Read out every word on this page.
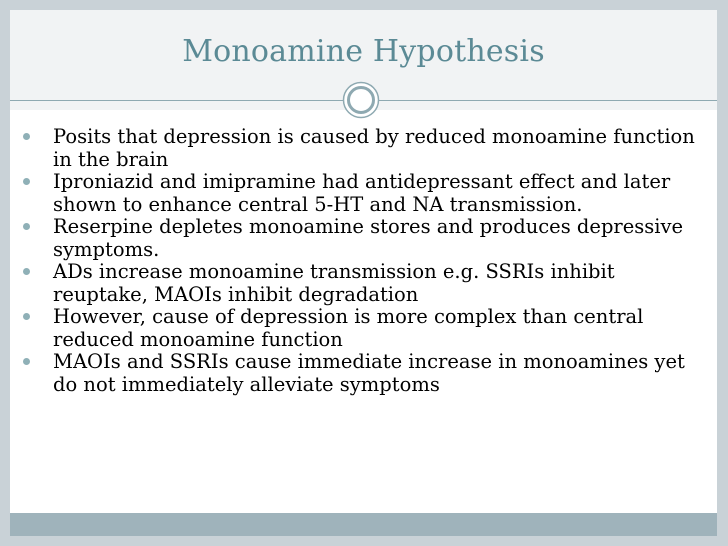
Monoamine Hypothesis
Posits that depression is caused by reduced monoamine function in the brain
Iproniazid and imipramine had antidepressant effect and later shown to enhance central 5-HT and NA transmission.
Reserpine depletes monoamine stores and produces depressive symptoms.
ADs increase monoamine transmission e.g. SSRIs inhibit reuptake, MAOIs inhibit degradation
However, cause of depression is more complex than central reduced monoamine function
MAOIs and SSRIs cause immediate increase in monoamines yet do not immediately alleviate symptoms
